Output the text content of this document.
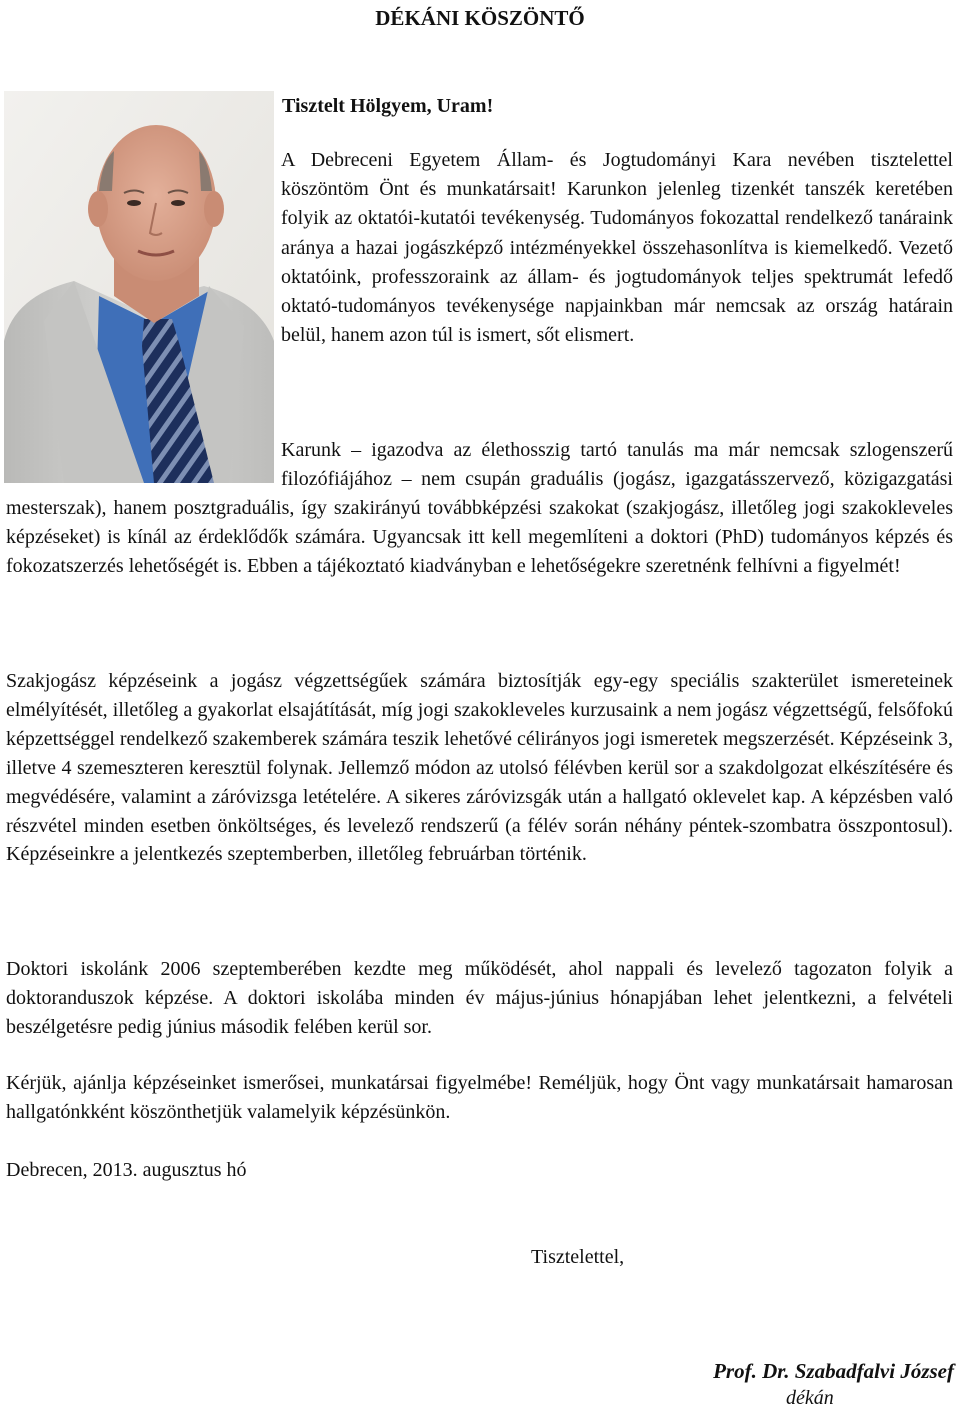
DÉKÁNI KÖSZÖNTŐ

Tisztelt Hölgyem, Uram!

A Debreceni Egyetem Állam- és Jogtudományi Kara nevében tisztelettel köszöntöm Önt és munkatársait! Karunkon jelenleg tizenkét tanszék keretében folyik az oktatói-kutatói tevékenység. Tudományos fokozattal rendelkező tanáraink aránya a hazai jogászképző intézményekkel összehasonlítva is kiemelkedő. Vezető oktatóink, professzoraink az állam- és jogtudományok teljes spektrumát lefedő oktató-tudományos tevékenysége napjainkban már nemcsak az ország határain belül, hanem azon túl is ismert, sőt elismert.

Karunk – igazodva az élethosszig tartó tanulás ma már nemcsak szlogenszerű filozófiájához – nem csupán graduális (jogász, igazgatásszervező, közigazgatási mesterszak), hanem posztgraduális, így szakirányú továbbképzési szakokat (szakjogász, illetőleg jogi szakokleveles képzéseket) is kínál az érdeklődők számára. Ugyancsak itt kell megemlíteni a doktori (PhD) tudományos képzés és fokozatszerzés lehetőségét is. Ebben a tájékoztató kiadványban e lehetőségekre szeretnénk felhívni a figyelmét!

Szakjogász képzéseink a jogász végzettségűek számára biztosítják egy-egy speciális szakterület ismereteinek elmélyítését, illetőleg a gyakorlat elsajátítását, míg jogi szakokleveles kurzusaink a nem jogász végzettségű, felsőfokú képzettséggel rendelkező szakemberek számára teszik lehetővé célirányos jogi ismeretek megszerzését. Képzéseink 3, illetve 4 szemeszteren keresztül folynak. Jellemző módon az utolsó félévben kerül sor a szakdolgozat elkészítésére és megvédésére, valamint a záróvizsga letételére. A sikeres záróvizsgák után a hallgató oklevelet kap. A képzésben való részvétel minden esetben önköltséges, és levelező rendszerű (a félév során néhány péntek-szombatra összpontosul). Képzéseinkre a jelentkezés szeptemberben, illetőleg februárban történik.

Doktori iskolánk 2006 szeptemberében kezdte meg működését, ahol nappali és levelező tagozaton folyik a doktoranduszok képzése. A doktori iskolába minden év május-június hónapjában lehet jelentkezni, a felvételi beszélgetésre pedig június második felében kerül sor.

Kérjük, ajánlja képzéseinket ismerősei, munkatársai figyelmébe! Reméljük, hogy Önt vagy munkatársait hamarosan hallgatónkként köszönthetjük valamelyik képzésünkön.

Debrecen, 2013. augusztus hó

Tisztelettel,

Prof. Dr. Szabadfalvi József

dékán
